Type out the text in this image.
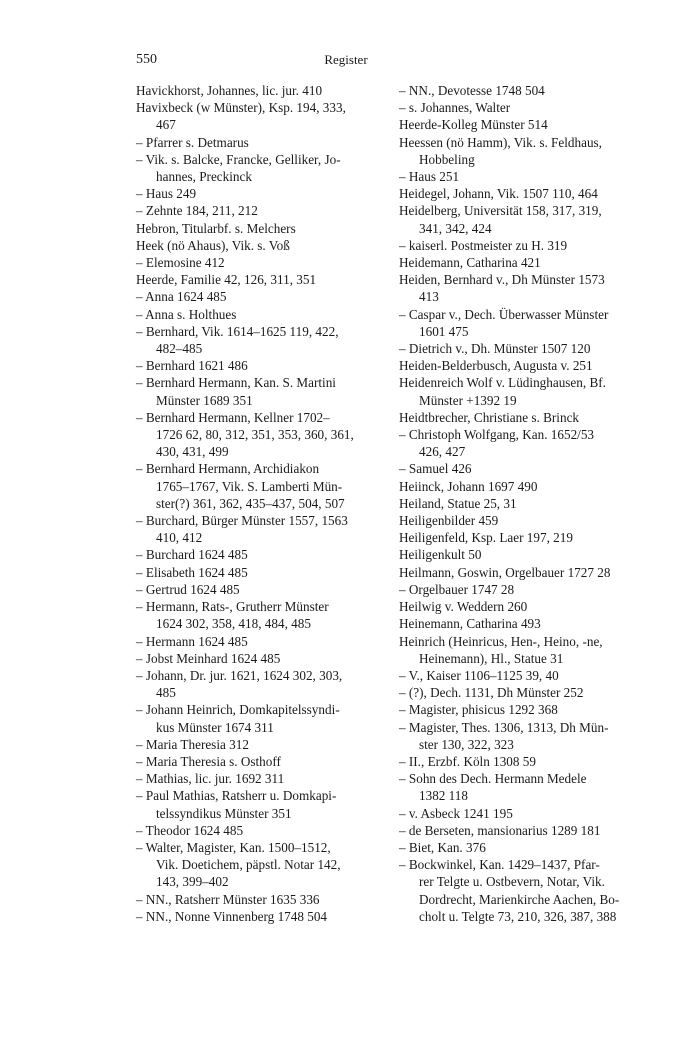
550	Register

Havickhorst, Johannes, lic. jur. 410

Havixbeck (w Münster), Ksp. 194, 333,

467

– Pfarrer s. Detmarus

– Vik. s. Balcke, Francke, Gelliker, Jo-

hannes, Preckinck

– Haus 249

– Zehnte 184, 211, 212

Hebron, Titularbf. s. Melchers

Heek (nö Ahaus), Vik. s. Voß

– Elemosine 412

Heerde, Familie 42, 126, 311, 351

– Anna 1624 485

– Anna s. Holthues

– Bernhard, Vik. 1614–1625 119, 422,

482–485

– Bernhard 1621 486

– Bernhard Hermann, Kan. S. Martini

Münster 1689 351

– Bernhard Hermann, Kellner 1702–

1726 62, 80, 312, 351, 353, 360, 361,

430, 431, 499

– Bernhard Hermann, Archidiakon

1765–1767, Vik. S. Lamberti Mün-

ster(?) 361, 362, 435–437, 504, 507

– Burchard, Bürger Münster 1557, 1563

410, 412

– Burchard 1624 485

– Elisabeth 1624 485

– Gertrud 1624 485

– Hermann, Rats-, Grutherr Münster

1624 302, 358, 418, 484, 485

– Hermann 1624 485

– Jobst Meinhard 1624 485

– Johann, Dr. jur. 1621, 1624 302, 303,

485

– Johann Heinrich, Domkapitelssyndi-

kus Münster 1674 311

– Maria Theresia 312

– Maria Theresia s. Osthoff

– Mathias, lic. jur. 1692 311

– Paul Mathias, Ratsherr u. Domkapi-

telssyndikus Münster 351

– Theodor 1624 485

– Walter, Magister, Kan. 1500–1512,

Vik. Doetichem, päpstl. Notar 142,

143, 399–402

– NN., Ratsherr Münster 1635 336

– NN., Nonne Vinnenberg 1748 504

– NN., Devotesse 1748 504

– s. Johannes, Walter

Heerde-Kolleg Münster 514

Heessen (nö Hamm), Vik. s. Feldhaus,

Hobbeling

– Haus 251

Heidegel, Johann, Vik. 1507 110, 464

Heidelberg, Universität 158, 317, 319,

341, 342, 424

– kaiserl. Postmeister zu H. 319

Heidemann, Catharina 421

Heiden, Bernhard v., Dh Münster 1573

413

– Caspar v., Dech. Überwasser Münster

1601 475

– Dietrich v., Dh. Münster 1507 120

Heiden-Belderbusch, Augusta v. 251

Heidenreich Wolf v. Lüdinghausen, Bf.

Münster +1392 19

Heidtbrecher, Christiane s. Brinck

– Christoph Wolfgang, Kan. 1652/53

426, 427

– Samuel 426

Heiinck, Johann 1697 490

Heiland, Statue 25, 31

Heiligenbilder 459

Heiligenfeld, Ksp. Laer 197, 219

Heiligenkult 50

Heilmann, Goswin, Orgelbauer 1727 28

– Orgelbauer 1747 28

Heilwig v. Weddern 260

Heinemann, Catharina 493

Heinrich (Heinricus, Hen-, Heino, -ne,

Heinemann), Hl., Statue 31

– V., Kaiser 1106–1125 39, 40

– (?), Dech. 1131, Dh Münster 252

– Magister, phisicus 1292 368

– Magister, Thes. 1306, 1313, Dh Mün-

ster 130, 322, 323

– II., Erzbf. Köln 1308 59

– Sohn des Dech. Hermann Medele

1382 118

– v. Asbeck 1241 195

– de Berseten, mansionarius 1289 181

– Biet, Kan. 376

– Bockwinkel, Kan. 1429–1437, Pfar-

rer Telgte u. Ostbevern, Notar, Vik.

Dordrecht, Marienkirche Aachen, Bo-

cholt u. Telgte 73, 210, 326, 387, 388
